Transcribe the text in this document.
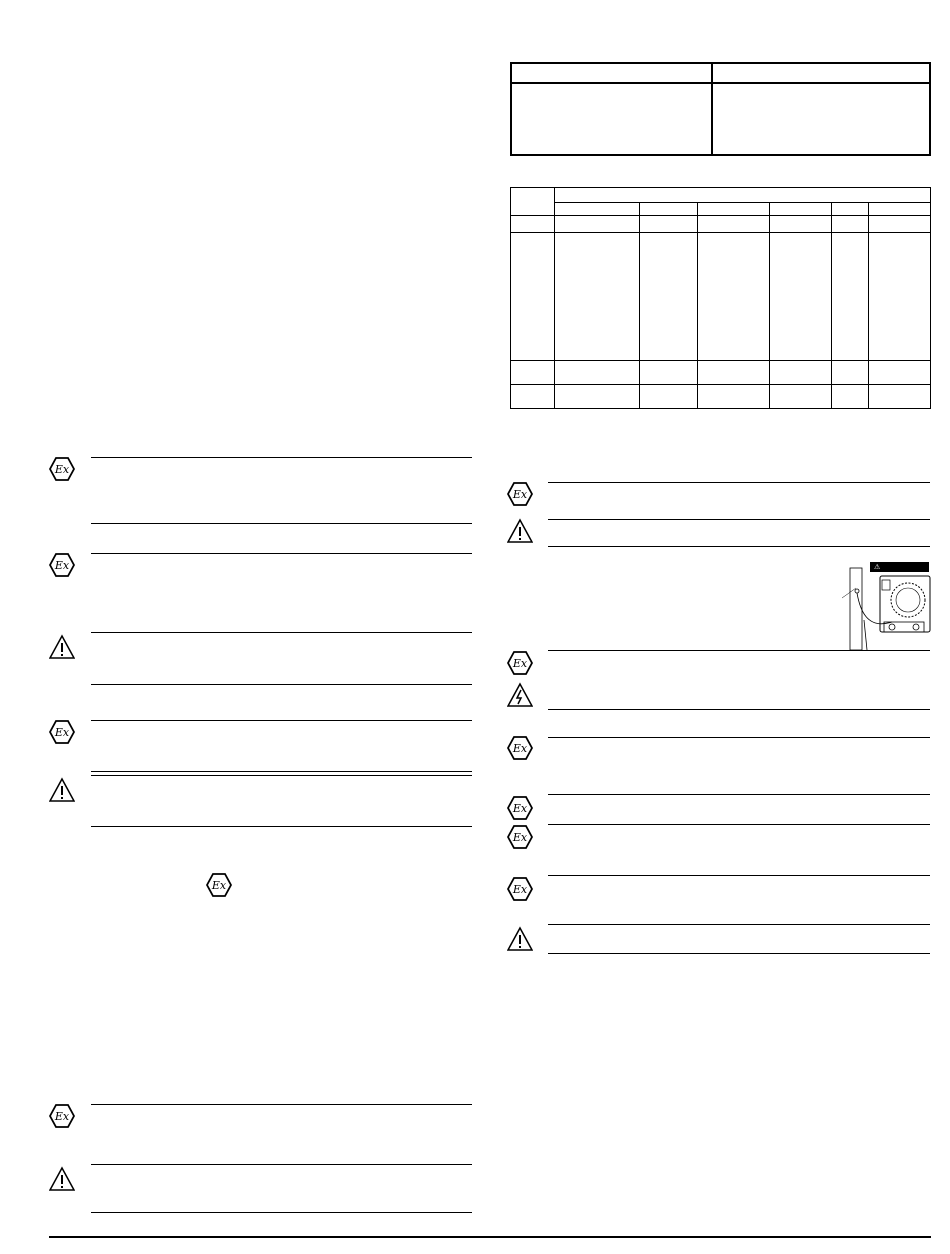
Ex
Ex
Ex
Ex
Ex

Ex
⚠
Ex
Ex
Ex
Ex
Ex
